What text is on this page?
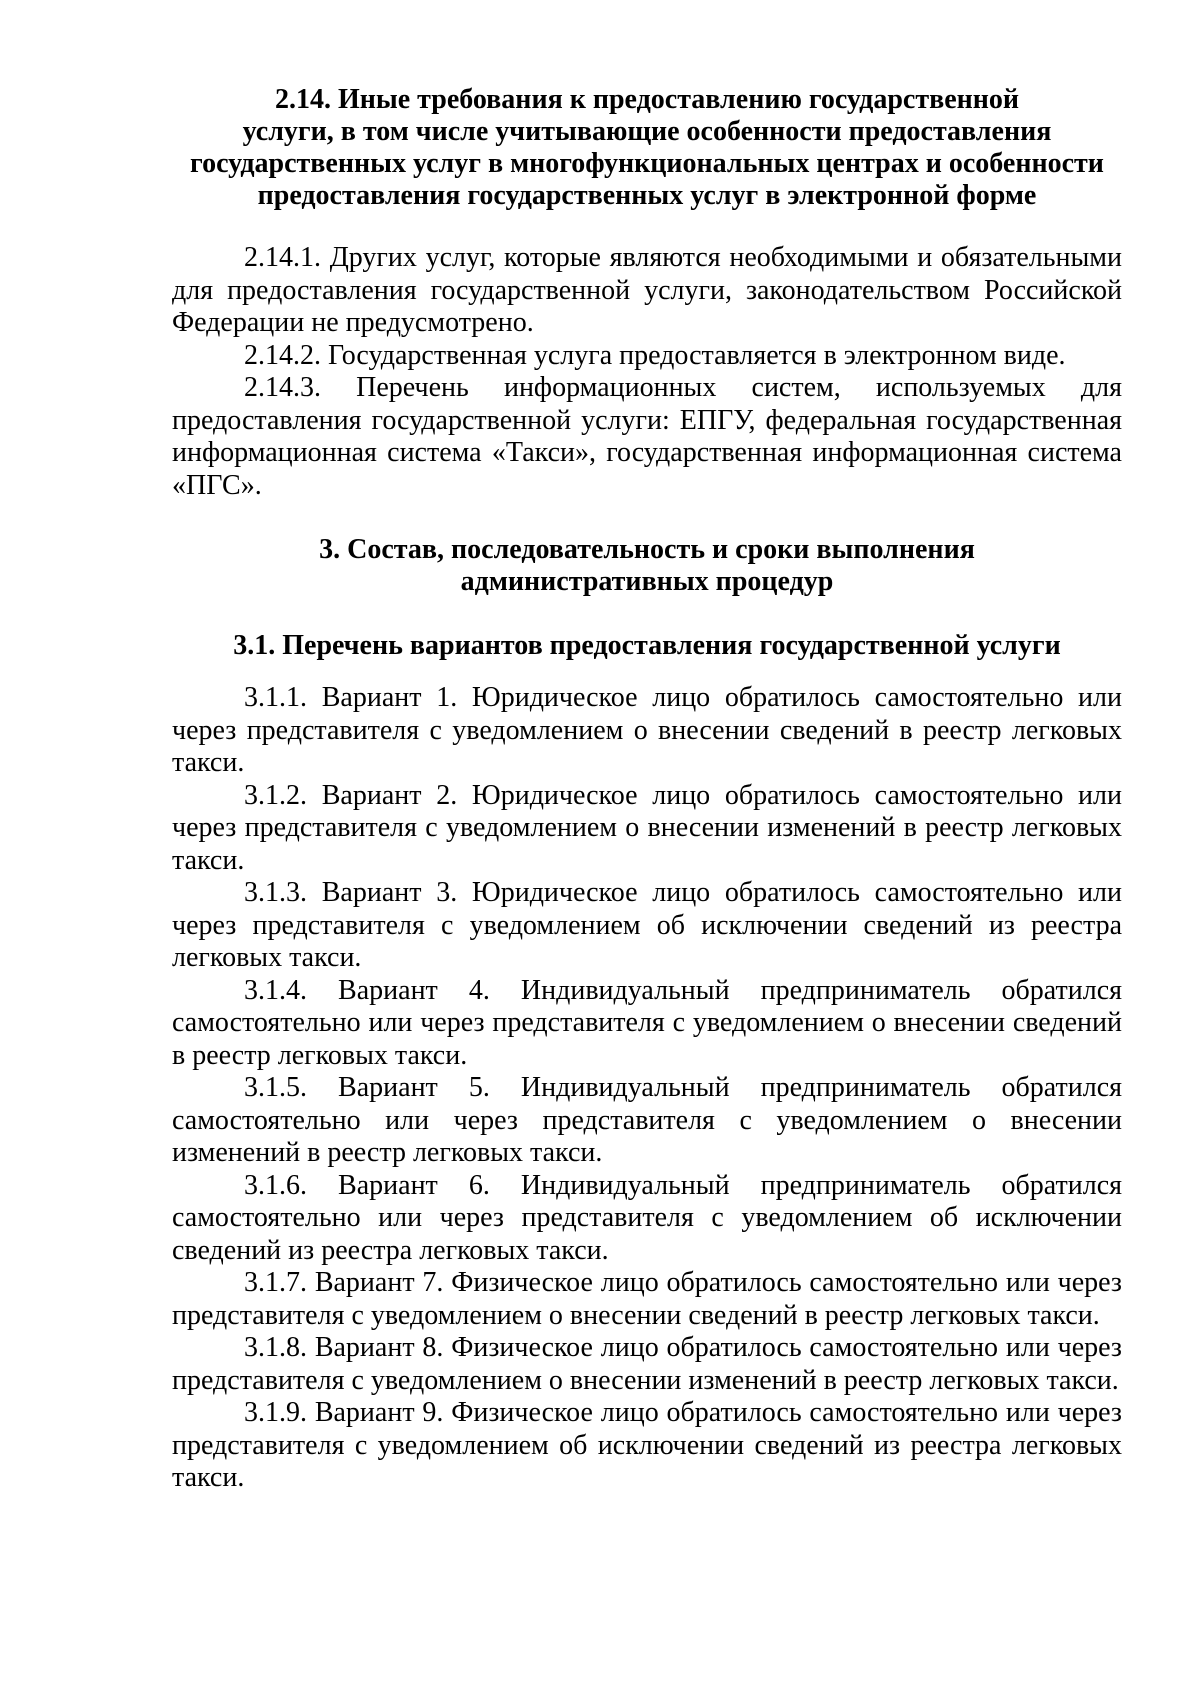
2.14. Иные требования к предоставлению государственной
услуги, в том числе учитывающие особенности предоставления
государственных услуг в многофункциональных центрах и особенности
предоставления государственных услуг в электронной форме

2.14.1. Других услуг, которые являются необходимыми и обязательными для предоставления государственной услуги, законодательством Российской Федерации не предусмотрено.

2.14.2. Государственная услуга предоставляется в электронном виде.

2.14.3. Перечень информационных систем, используемых для предоставления государственной услуги: ЕПГУ, федеральная государственная информационная система «Такси», государственная информационная система «ПГС».

3. Состав, последовательность и сроки выполнения
административных процедур
3.1. Перечень вариантов предоставления государственной услуги

3.1.1. Вариант 1. Юридическое лицо обратилось самостоятельно или через представителя с уведомлением о внесении сведений в реестр легковых такси.

3.1.2. Вариант 2. Юридическое лицо обратилось самостоятельно или через представителя с уведомлением о внесении изменений в реестр легковых такси.

3.1.3. Вариант 3. Юридическое лицо обратилось самостоятельно или через представителя с уведомлением об исключении сведений из реестра легковых такси.

3.1.4. Вариант 4. Индивидуальный предприниматель обратился самостоятельно или через представителя с уведомлением о внесении сведений в реестр легковых такси.

3.1.5. Вариант 5. Индивидуальный предприниматель обратился самостоятельно или через представителя с уведомлением о внесении изменений в реестр легковых такси.

3.1.6. Вариант 6. Индивидуальный предприниматель обратился самостоятельно или через представителя с уведомлением об исключении сведений из реестра легковых такси.

3.1.7. Вариант 7. Физическое лицо обратилось самостоятельно или через представителя с уведомлением о внесении сведений в реестр легковых такси.

3.1.8. Вариант 8. Физическое лицо обратилось самостоятельно или через представителя с уведомлением о внесении изменений в реестр легковых такси.

3.1.9. Вариант 9. Физическое лицо обратилось самостоятельно или через представителя с уведомлением об исключении сведений из реестра легковых такси.
